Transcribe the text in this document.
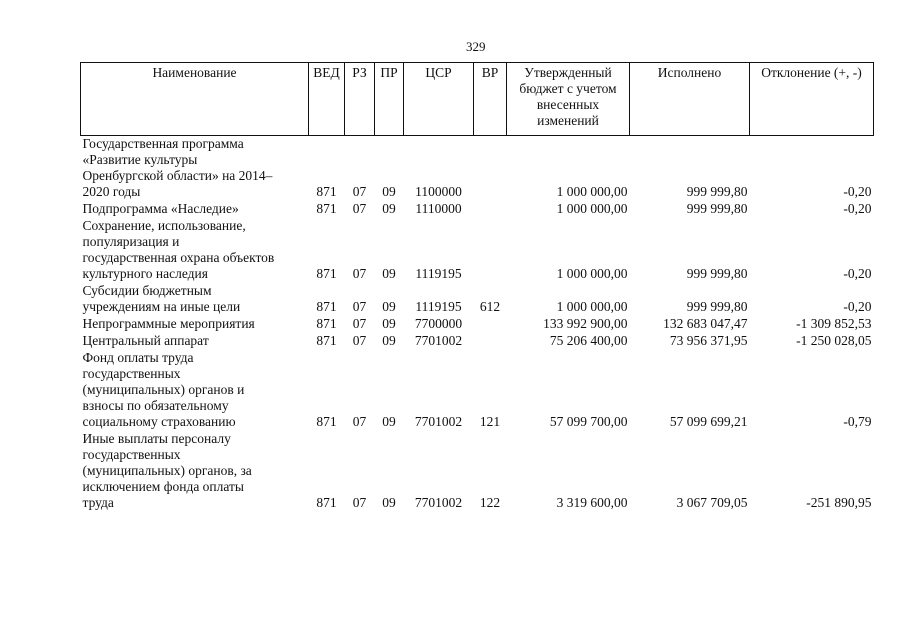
329
Наименование	ВЕД	РЗ	ПР	ЦСР	ВР	Утвержденный бюджет с учетом внесенных изменений	Исполнено	Отклонение (+, -)
Государственная программа
«Развитие культуры
Оренбургской области» на 2014–
2020 годы	871	07	09	1100000		1 000 000,00	999 999,80	-0,20
Подпрограмма «Наследие»	871	07	09	1110000		1 000 000,00	999 999,80	-0,20
Сохранение, использование,
популяризация и
государственная охрана объектов
культурного наследия	871	07	09	1119195		1 000 000,00	999 999,80	-0,20
Субсидии бюджетным
учреждениям на иные цели	871	07	09	1119195	612	1 000 000,00	999 999,80	-0,20
Непрограммные мероприятия	871	07	09	7700000		133 992 900,00	132 683 047,47	-1 309 852,53
Центральный аппарат	871	07	09	7701002		75 206 400,00	73 956 371,95	-1 250 028,05
Фонд оплаты труда
государственных
(муниципальных) органов и
взносы по обязательному
социальному страхованию	871	07	09	7701002	121	57 099 700,00	57 099 699,21	-0,79
Иные выплаты персоналу
государственных
(муниципальных) органов, за
исключением фонда оплаты
труда	871	07	09	7701002	122	3 319 600,00	3 067 709,05	-251 890,95
